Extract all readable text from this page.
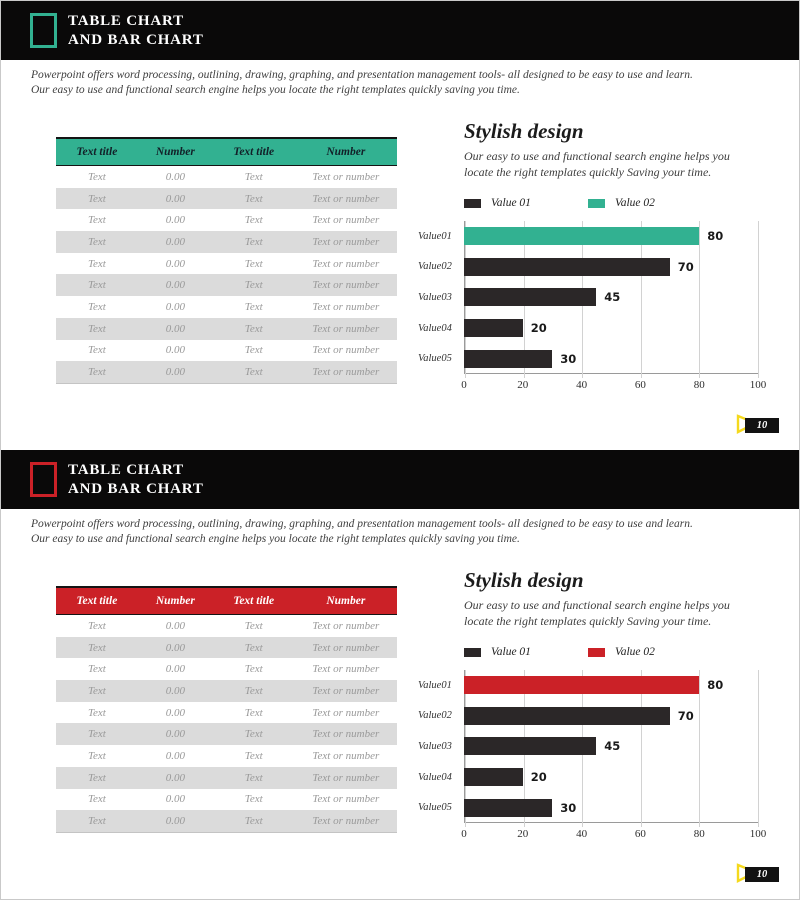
TABLE CHART
AND BAR CHART
Powerpoint offers word processing, outlining, drawing, graphing, and presentation management tools- all designed to be easy to use and learn.
Our easy to use and functional search engine helps you locate the right templates quickly saving you time.
Text title	Number	Text title	Number
Text	0.00	Text	Text or number
Text	0.00	Text	Text or number
Text	0.00	Text	Text or number
Text	0.00	Text	Text or number
Text	0.00	Text	Text or number
Text	0.00	Text	Text or number
Text	0.00	Text	Text or number
Text	0.00	Text	Text or number
Text	0.00	Text	Text or number
Text	0.00	Text	Text or number
Stylish design
Our easy to use and functional search engine helps you
locate the right templates quickly Saving your time.
Value 01	Value 02
Value01	80
Value02	70
Value03	45
Value04	20
Value05	30
0	20	40	60	80	100
10
TABLE CHART
AND BAR CHART
Powerpoint offers word processing, outlining, drawing, graphing, and presentation management tools- all designed to be easy to use and learn.
Our easy to use and functional search engine helps you locate the right templates quickly saving you time.
Text title	Number	Text title	Number
Text	0.00	Text	Text or number
Text	0.00	Text	Text or number
Text	0.00	Text	Text or number
Text	0.00	Text	Text or number
Text	0.00	Text	Text or number
Text	0.00	Text	Text or number
Text	0.00	Text	Text or number
Text	0.00	Text	Text or number
Text	0.00	Text	Text or number
Text	0.00	Text	Text or number
Stylish design
Our easy to use and functional search engine helps you
locate the right templates quickly Saving your time.
Value 01	Value 02
Value01	80
Value02	70
Value03	45
Value04	20
Value05	30
0	20	40	60	80	100
10
